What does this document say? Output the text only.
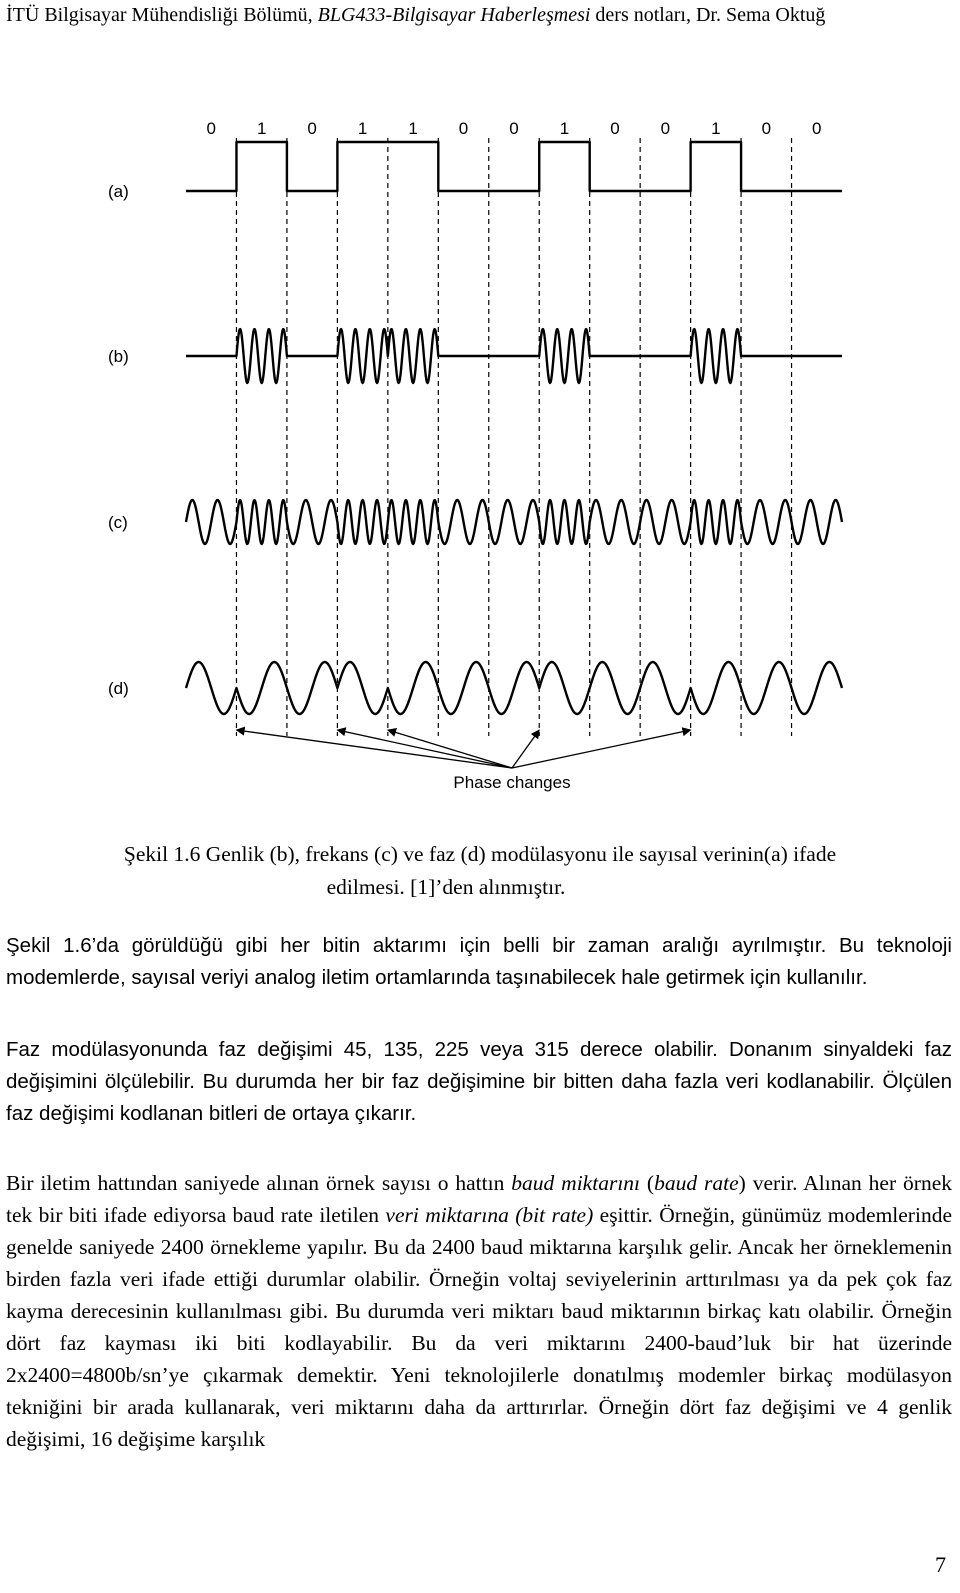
İTÜ Bilgisayar Mühendisliği Bölümü, BLG433-Bilgisayar Haberleşmesi ders notları, Dr. Sema Oktuğ
0 1 0 1 1 0 0 1 0 0 1 0 0
(a)
(b)
(c)
(d)
Phase changes
Şekil 1.6 Genlik (b), frekans (c) ve faz (d) modülasyonu ile sayısal verinin(a) ifade
edilmesi. [1]’den alınmıştır.
Şekil 1.6’da görüldüğü gibi her bitin aktarımı için belli bir zaman aralığı ayrılmıştır. Bu teknoloji modemlerde, sayısal veriyi analog iletim ortamlarında taşınabilecek hale getirmek için kullanılır.
Faz modülasyonunda faz değişimi 45, 135, 225 veya 315 derece olabilir. Donanım sinyaldeki faz değişimini ölçülebilir. Bu durumda her bir faz değişimine bir bitten daha fazla veri kodlanabilir. Ölçülen faz değişimi kodlanan bitleri de ortaya çıkarır.
Bir iletim hattından saniyede alınan örnek sayısı o hattın baud miktarını (baud rate) verir. Alınan her örnek tek bir biti ifade ediyorsa baud rate iletilen veri miktarına (bit rate) eşittir. Örneğin, günümüz modemlerinde genelde saniyede 2400 örnekleme yapılır. Bu da 2400 baud miktarına karşılık gelir. Ancak her örneklemenin birden fazla veri ifade ettiği durumlar olabilir. Örneğin voltaj seviyelerinin arttırılması ya da pek çok faz kayma derecesinin kullanılması gibi. Bu durumda veri miktarı baud miktarının birkaç katı olabilir. Örneğin dört faz kayması iki biti kodlayabilir. Bu da veri miktarını 2400-baud’luk bir hat üzerinde 2x2400=4800b/sn’ye çıkarmak demektir. Yeni teknolojilerle donatılmış modemler birkaç modülasyon tekniğini bir arada kullanarak, veri miktarını daha da arttırırlar. Örneğin dört faz değişimi ve 4 genlik değişimi, 16 değişime karşılık
7
